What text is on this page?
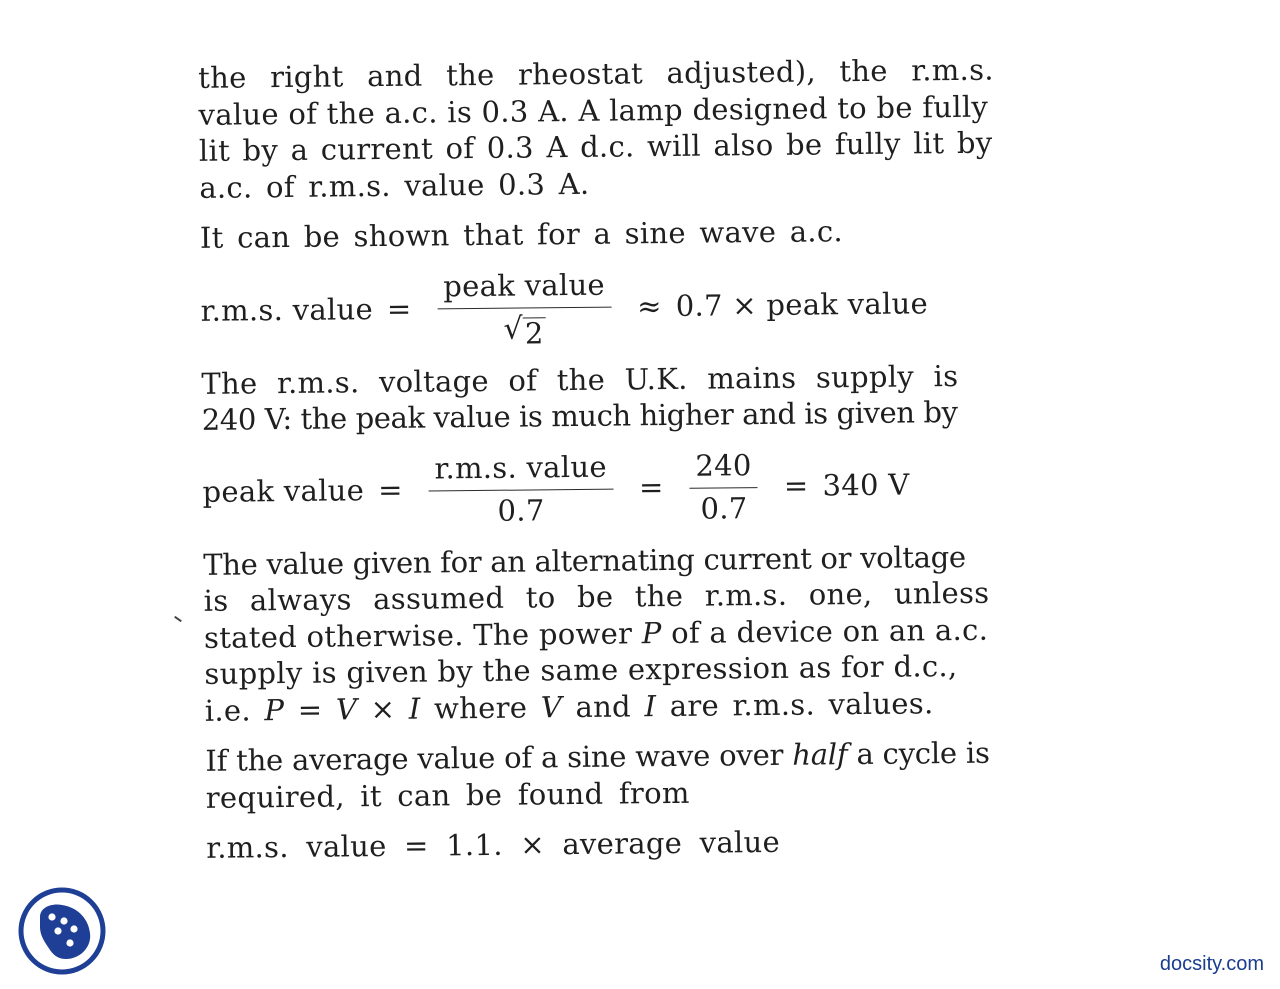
the right and the rheostat adjusted), the r.m.s.
value of the a.c. is 0.3 A. A lamp designed to be fully
lit by a current of 0.3 A d.c. will also be fully lit by
a.c. of r.m.s. value 0.3 A.
It can be shown that for a sine wave a.c.
r.m.s. value = $\frac{\text{peak value}}{√ 2} \approx 0.7$ × peak value
The r.m.s. voltage of the U.K. mains supply is
240 V: the peak value is much higher and is given by
peak value = $\frac{\text{r.m.s. value}}{0.7} = \frac{240}{0.7} = 340$ V
The value given for an alternating current or voltage
is always assumed to be the r.m.s. one, unless
stated otherwise. The power P of a device on an a.c.
supply is given by the same expression as for d.c.,
i.e. P = V × I where V and I are r.m.s. values.
If the average value of a sine wave over half a cycle is
required, it can be found from
r.m.s. value = 1.1. × average value
docsity.com
